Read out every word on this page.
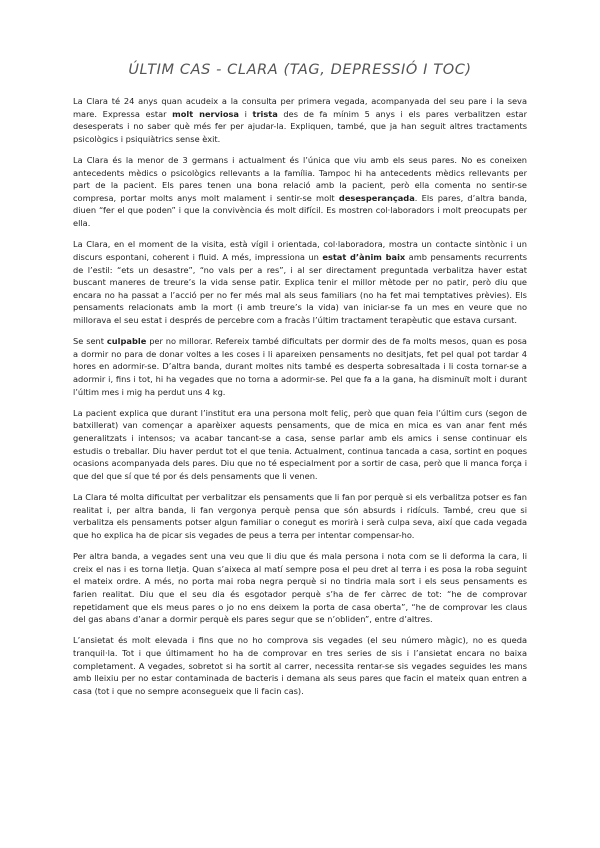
ÚLTIM CAS - CLARA (TAG, DEPRESSIÓ I TOC)

La Clara té 24 anys quan acudeix a la consulta per primera vegada, acompanyada del seu pare i la seva mare. Expressa estar molt nerviosa i trista des de fa mínim 5 anys i els pares verbalitzen estar desesperats i no saber què més fer per ajudar-la. Expliquen, també, que ja han seguit altres tractaments psicològics i psiquiàtrics sense èxit.

La Clara és la menor de 3 germans i actualment és l’única que viu amb els seus pares. No es coneixen antecedents mèdics o psicològics rellevants a la família. Tampoc hi ha antecedents mèdics rellevants per part de la pacient. Els pares tenen una bona relació amb la pacient, però ella comenta no sentir-se compresa, portar molts anys molt malament i sentir-se molt desesperançada. Els pares, d’altra banda, diuen “fer el que poden” i que la convivència és molt difícil. Es mostren col·laboradors i molt preocupats per ella.

La Clara, en el moment de la visita, està vígil i orientada, col·laboradora, mostra un contacte sintònic i un discurs espontani, coherent i fluid. A més, impressiona un estat d’ànim baix amb pensaments recurrents de l’estil: “ets un desastre”, “no vals per a res”, i al ser directament preguntada verbalitza haver estat buscant maneres de treure’s la vida sense patir. Explica tenir el millor mètode per no patir, però diu que encara no ha passat a l’acció per no fer més mal als seus familiars (no ha fet mai temptatives prèvies). Els pensaments relacionats amb la mort (i amb treure’s la vida) van iniciar-se fa un mes en veure que no millorava el seu estat i després de percebre com a fracàs l’últim tractament terapèutic que estava cursant.

Se sent culpable per no millorar. Refereix també dificultats per dormir des de fa molts mesos, quan es posa a dormir no para de donar voltes a les coses i li apareixen pensaments no desitjats, fet pel qual pot tardar 4 hores en adormir-se. D’altra banda, durant moltes nits també es desperta sobresaltada i li costa tornar-se a adormir i, fins i tot, hi ha vegades que no torna a adormir-se. Pel que fa a la gana, ha disminuït molt i durant l’últim mes i mig ha perdut uns 4 kg.

La pacient explica que durant l’institut era una persona molt feliç, però que quan feia l’últim curs (segon de batxillerat) van començar a aparèixer aquests pensaments, que de mica en mica es van anar fent més generalitzats i intensos; va acabar tancant-se a casa, sense parlar amb els amics i sense continuar els estudis o treballar. Diu haver perdut tot el que tenia. Actualment, continua tancada a casa, sortint en poques ocasions acompanyada dels pares. Diu que no té especialment por a sortir de casa, però que li manca força i que del que sí que té por és dels pensaments que li venen.

La Clara té molta dificultat per verbalitzar els pensaments que li fan por perquè si els verbalitza potser es fan realitat i, per altra banda, li fan vergonya perquè pensa que són absurds i ridículs. També, creu que si verbalitza els pensaments potser algun familiar o conegut es morirà i serà culpa seva, així que cada vegada que ho explica ha de picar sis vegades de peus a terra per intentar compensar-ho.

Per altra banda, a vegades sent una veu que li diu que és mala persona i nota com se li deforma la cara, li creix el nas i es torna lletja. Quan s’aixeca al matí sempre posa el peu dret al terra i es posa la roba seguint el mateix ordre. A més, no porta mai roba negra perquè si no tindria mala sort i els seus pensaments es farien realitat. Diu que el seu dia és esgotador perquè s’ha de fer càrrec de tot: “he de comprovar repetidament que els meus pares o jo no ens deixem la porta de casa oberta”, “he de comprovar les claus del gas abans d’anar a dormir perquè els pares segur que se n’obliden”, entre d’altres.

L’ansietat és molt elevada i fins que no ho comprova sis vegades (el seu número màgic), no es queda tranquil·la. Tot i que últimament ho ha de comprovar en tres series de sis i l’ansietat encara no baixa completament. A vegades, sobretot si ha sortit al carrer, necessita rentar-se sis vegades seguides les mans amb lleixiu per no estar contaminada de bacteris i demana als seus pares que facin el mateix quan entren a casa (tot i que no sempre aconsegueix que li facin cas).
